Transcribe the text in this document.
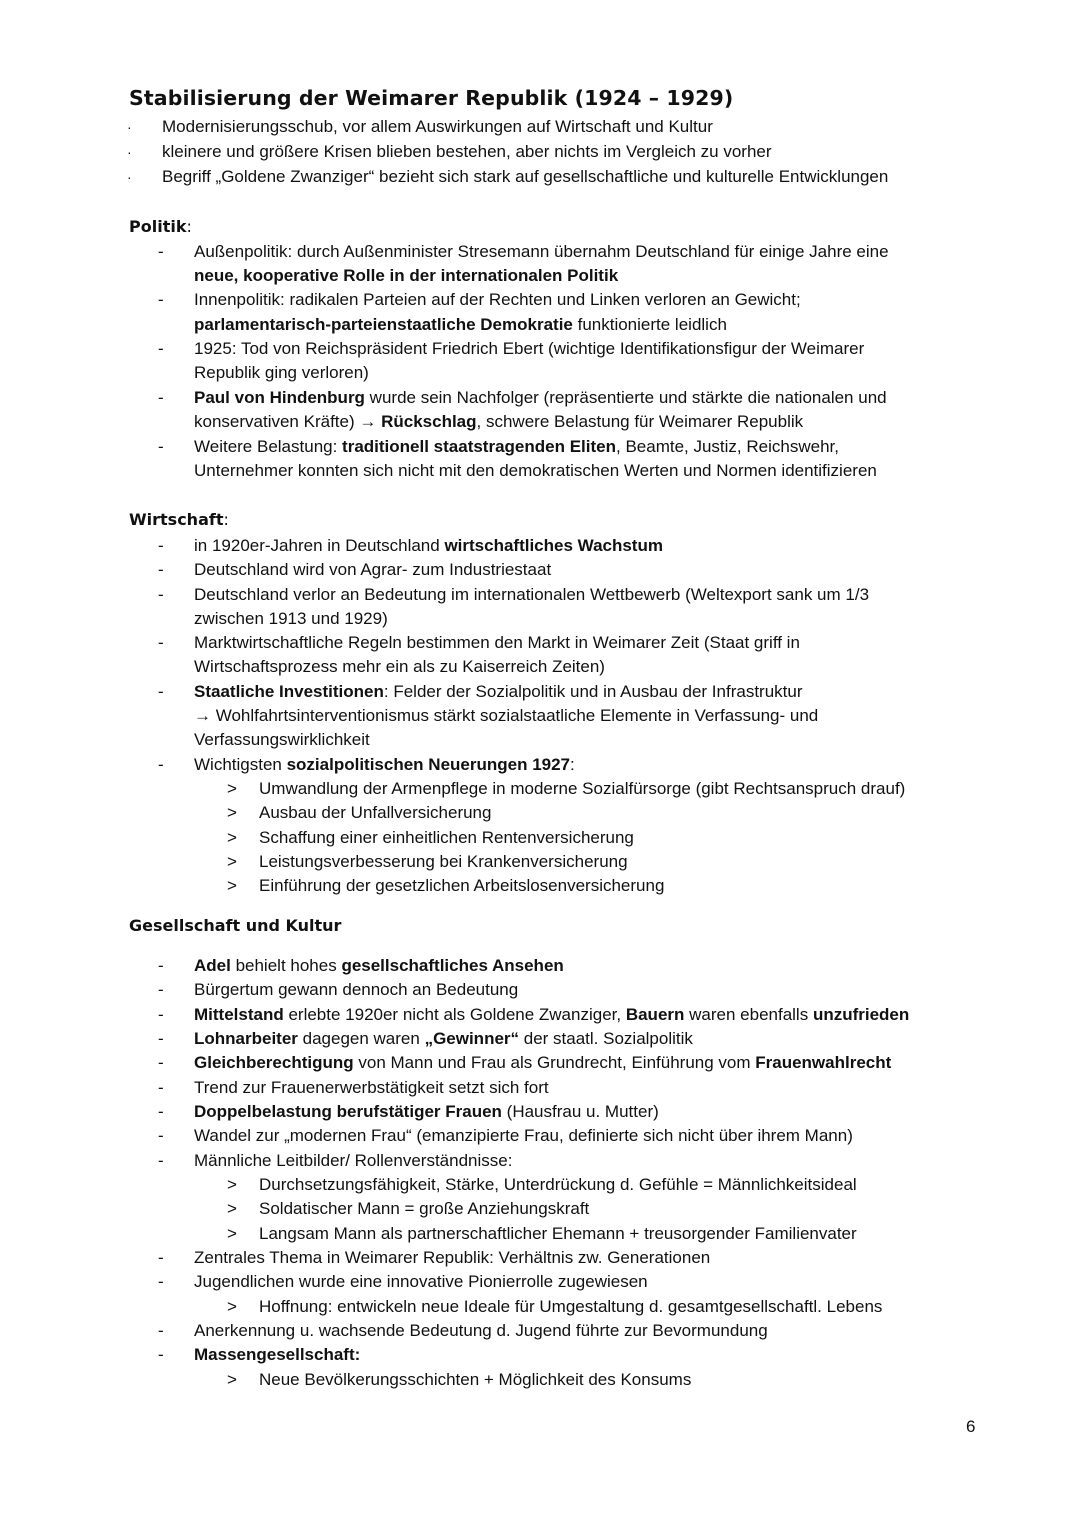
Stabilisierung der Weimarer Republik (1924 – 1929)
· Modernisierungsschub, vor allem Auswirkungen auf Wirtschaft und Kultur
· kleinere und größere Krisen blieben bestehen, aber nichts im Vergleich zu vorher
· Begriff „Goldene Zwanziger“ bezieht sich stark auf gesellschaftliche und kulturelle Entwicklungen
Politik:
- Außenpolitik: durch Außenminister Stresemann übernahm Deutschland für einige Jahre eine
neue, kooperative Rolle in der internationalen Politik
- Innenpolitik: radikalen Parteien auf der Rechten und Linken verloren an Gewicht;
parlamentarisch-parteienstaatliche Demokratie funktionierte leidlich
- 1925: Tod von Reichspräsident Friedrich Ebert (wichtige Identifikationsfigur der Weimarer
Republik ging verloren)
- Paul von Hindenburg wurde sein Nachfolger (repräsentierte und stärkte die nationalen und
konservativen Kräfte) → Rückschlag, schwere Belastung für Weimarer Republik
- Weitere Belastung: traditionell staatstragenden Eliten, Beamte, Justiz, Reichswehr,
Unternehmer konnten sich nicht mit den demokratischen Werten und Normen identifizieren
Wirtschaft:
- in 1920er-Jahren in Deutschland wirtschaftliches Wachstum
- Deutschland wird von Agrar- zum Industriestaat
- Deutschland verlor an Bedeutung im internationalen Wettbewerb (Weltexport sank um 1/3
zwischen 1913 und 1929)
- Marktwirtschaftliche Regeln bestimmen den Markt in Weimarer Zeit (Staat griff in
Wirtschaftsprozess mehr ein als zu Kaiserreich Zeiten)
- Staatliche Investitionen: Felder der Sozialpolitik und in Ausbau der Infrastruktur
→ Wohlfahrtsinterventionismus stärkt sozialstaatliche Elemente in Verfassung- und
Verfassungswirklichkeit
- Wichtigsten sozialpolitischen Neuerungen 1927:
> Umwandlung der Armenpflege in moderne Sozialfürsorge (gibt Rechtsanspruch drauf)
> Ausbau der Unfallversicherung
> Schaffung einer einheitlichen Rentenversicherung
> Leistungsverbesserung bei Krankenversicherung
> Einführung der gesetzlichen Arbeitslosenversicherung
Gesellschaft und Kultur
- Adel behielt hohes gesellschaftliches Ansehen
- Bürgertum gewann dennoch an Bedeutung
- Mittelstand erlebte 1920er nicht als Goldene Zwanziger, Bauern waren ebenfalls unzufrieden
- Lohnarbeiter dagegen waren „Gewinner“ der staatl. Sozialpolitik
- Gleichberechtigung von Mann und Frau als Grundrecht, Einführung vom Frauenwahlrecht
- Trend zur Frauenerwerbstätigkeit setzt sich fort
- Doppelbelastung berufstätiger Frauen (Hausfrau u. Mutter)
- Wandel zur „modernen Frau“ (emanzipierte Frau, definierte sich nicht über ihrem Mann)
- Männliche Leitbilder/ Rollenverständnisse:
> Durchsetzungsfähigkeit, Stärke, Unterdrückung d. Gefühle = Männlichkeitsideal
> Soldatischer Mann = große Anziehungskraft
> Langsam Mann als partnerschaftlicher Ehemann + treusorgender Familienvater
- Zentrales Thema in Weimarer Republik: Verhältnis zw. Generationen
- Jugendlichen wurde eine innovative Pionierrolle zugewiesen
> Hoffnung: entwickeln neue Ideale für Umgestaltung d. gesamtgesellschaftl. Lebens
- Anerkennung u. wachsende Bedeutung d. Jugend führte zur Bevormundung
- Massengesellschaft:
> Neue Bevölkerungsschichten + Möglichkeit des Konsums
6
